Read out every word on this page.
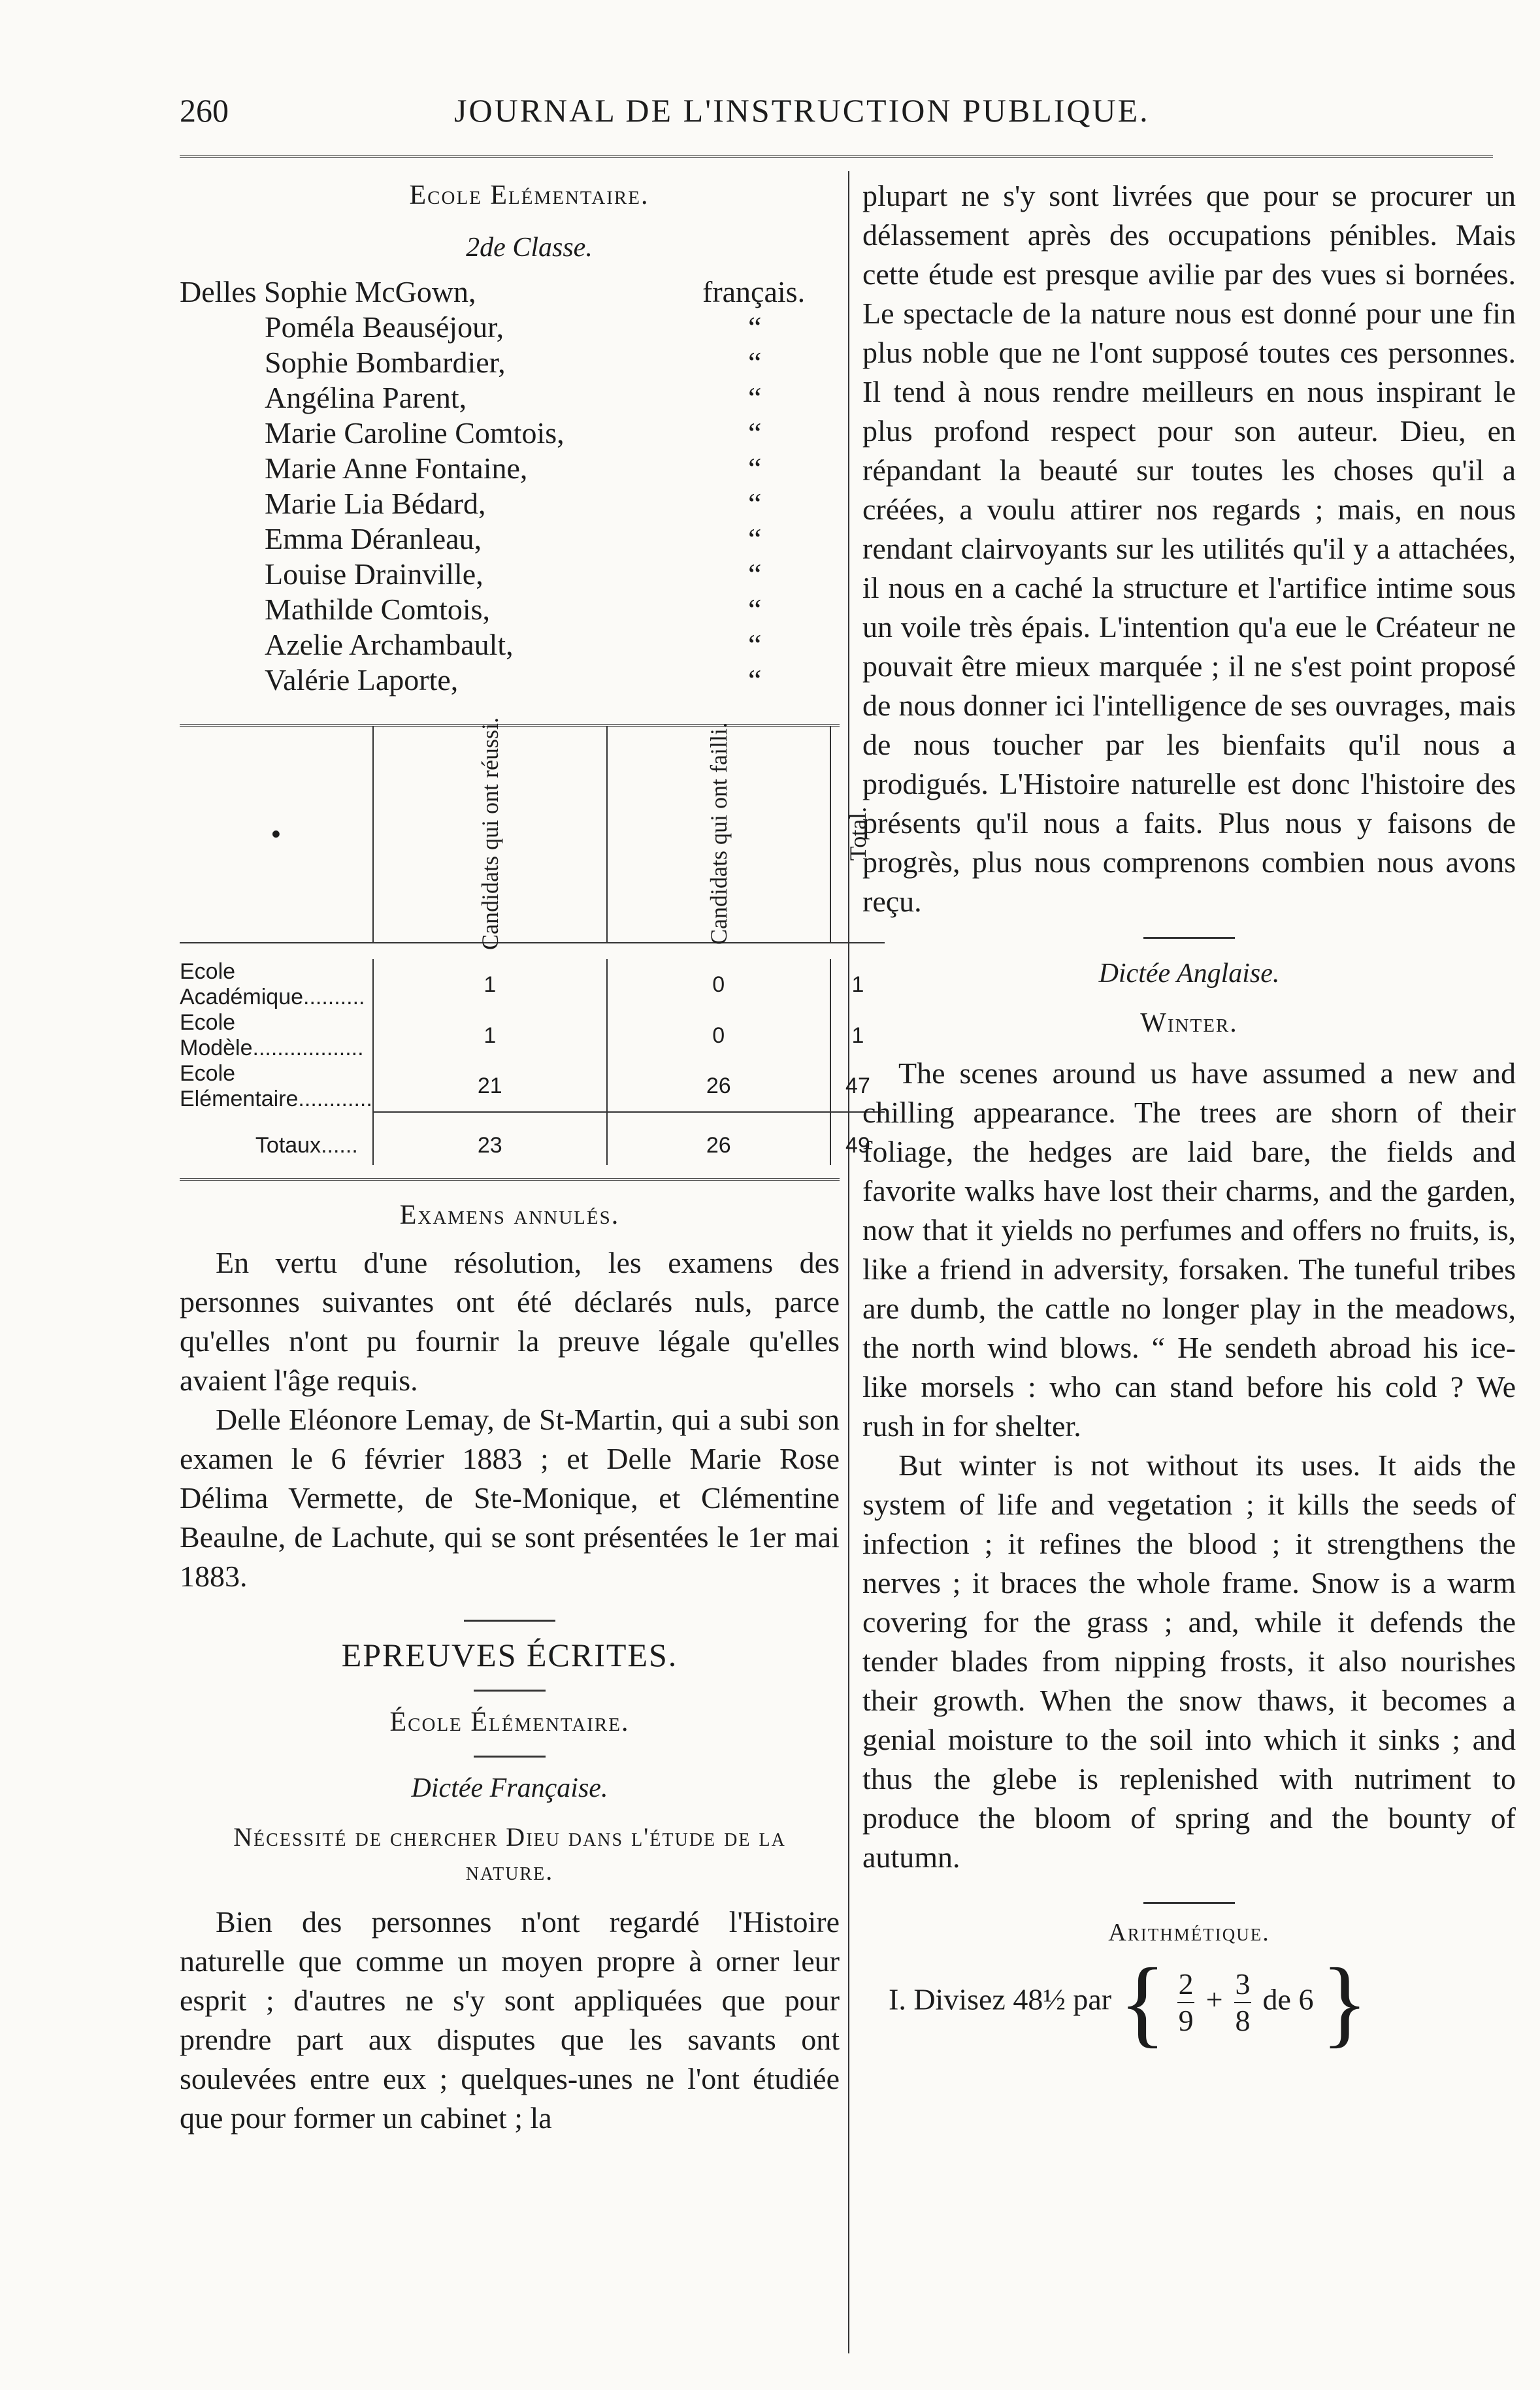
260	JOURNAL DE L'INSTRUCTION PUBLIQUE.
Ecole Elémentaire.
2de Classe.
Delles Sophie McGown,	français.
Poméla Beauséjour,	“
Sophie Bombardier,	“
Angélina Parent,	“
Marie Caroline Comtois,	“
Marie Anne Fontaine,	“
Marie Lia Bédard,	“
Emma Déranleau,	“
Louise Drainville,	“
Mathilde Comtois,	“
Azelie Archambault,	“
Valérie Laporte,	“
•	Candidats qui ont réussi.	Candidats qui ont failli.	Total.

Ecole Académique..........	1	0	1
Ecole Modèle..................	1	0	1
Ecole Elémentaire............	21	26	47

Totaux......	23	26	49
Examens annulés.

En vertu d'une résolution, les examens des personnes suivantes ont été déclarés nuls, parce qu'elles n'ont pu fournir la preuve légale qu'elles avaient l'âge requis.

Delle Eléonore Lemay, de St-Martin, qui a subi son examen le 6 février 1883 ; et Delle Marie Rose Délima Vermette, de Ste-Monique, et Clémentine Beaulne, de Lachute, qui se sont présentées le 1er mai 1883.

EPREUVES ÉCRITES.
École Élémentaire.
Dictée Française.
Nécessité de chercher Dieu dans l'étude de la nature.

Bien des personnes n'ont regardé l'Histoire naturelle que comme un moyen propre à orner leur esprit ; d'autres ne s'y sont appliquées que pour prendre part aux disputes que les savants ont soulevées entre eux ; quelques-unes ne l'ont étudiée que pour former un cabinet ; la

plupart ne s'y sont livrées que pour se procurer un délassement après des occupations pénibles. Mais cette étude est presque avilie par des vues si bornées. Le spectacle de la nature nous est donné pour une fin plus noble que ne l'ont supposé toutes ces personnes. Il tend à nous rendre meilleurs en nous inspirant le plus profond respect pour son auteur. Dieu, en répandant la beauté sur toutes les choses qu'il a créées, a voulu attirer nos regards ; mais, en nous rendant clairvoyants sur les utilités qu'il y a attachées, il nous en a caché la structure et l'artifice intime sous un voile très épais. L'intention qu'a eue le Créateur ne pouvait être mieux marquée ; il ne s'est point proposé de nous donner ici l'intelligence de ses ouvrages, mais de nous toucher par les bienfaits qu'il nous a prodigués. L'Histoire naturelle est donc l'histoire des présents qu'il nous a faits. Plus nous y faisons de progrès, plus nous comprenons combien nous avons reçu.

Dictée Anglaise.
Winter.

The scenes around us have assumed a new and chilling appearance. The trees are shorn of their foliage, the hedges are laid bare, the fields and favorite walks have lost their charms, and the garden, now that it yields no perfumes and offers no fruits, is, like a friend in adversity, forsaken. The tuneful tribes are dumb, the cattle no longer play in the meadows, the north wind blows. “ He sendeth abroad his ice-like morsels : who can stand before his cold ? We rush in for shelter.

But winter is not without its uses. It aids the system of life and vegetation ; it kills the seeds of infection ; it refines the blood ; it strengthens the nerves ; it braces the whole frame. Snow is a warm covering for the grass ; and, while it defends the tender blades from nipping frosts, it also nourishes their growth. When the snow thaws, it becomes a genial moisture to the soil into which it sinks ; and thus the glebe is replenished with nutriment to produce the bloom of spring and the bounty of autumn.

Arithmétique.
I. Divisez 48½ par { $\frac{2}{9} + \frac{3}{8}$ de 6 }
